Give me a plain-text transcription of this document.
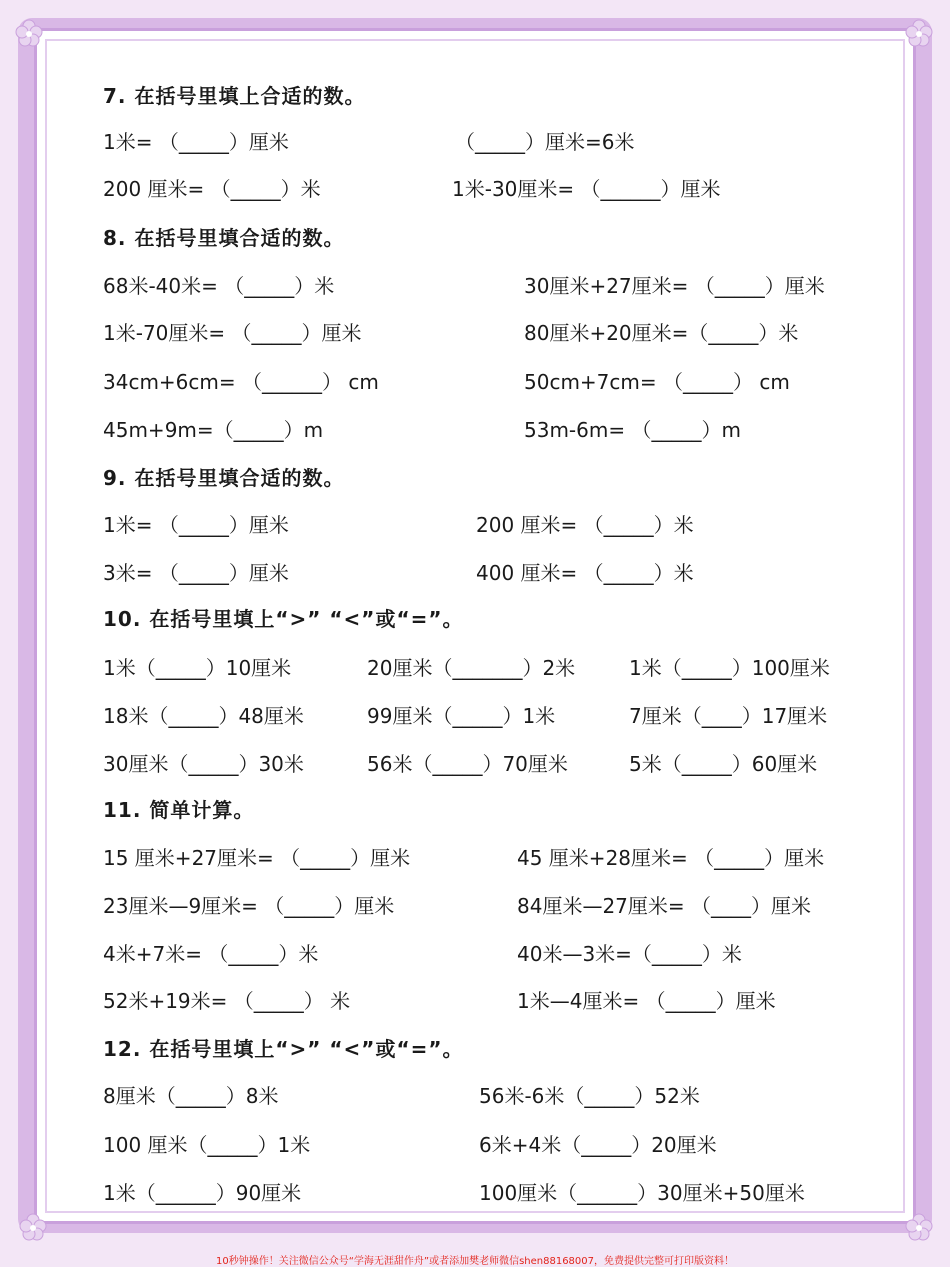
7. 在括号里填上合适的数。
1米= （_____）厘米	（_____）厘米=6米
200 厘米= （_____）米	1米-30厘米= （______）厘米
8. 在括号里填合适的数。
68米-40米= （_____）米	30厘米+27厘米= （_____）厘米
1米-70厘米= （_____）厘米	80厘米+20厘米=（_____）米
34cm+6cm= （______） cm	50cm+7cm= （_____） cm
45m+9m=（_____）m	53m-6m= （_____）m
9. 在括号里填合适的数。
1米= （_____）厘米	200 厘米= （_____）米
3米= （_____）厘米	400 厘米= （_____）米
10. 在括号里填上“>” “<”或“=”。
1米（_____）10厘米	20厘米（_______）2米	1米（_____）100厘米
18米（_____）48厘米	99厘米（_____）1米	7厘米（____）17厘米
30厘米（_____）30米	56米（_____）70厘米	5米（_____）60厘米
11. 简单计算。
15 厘米+27厘米= （_____）厘米	45 厘米+28厘米= （_____）厘米
23厘米—9厘米= （_____）厘米	84厘米—27厘米= （____）厘米
4米+7米= （_____）米	40米—3米=（_____）米
52米+19米= （_____） 米	1米—4厘米= （_____）厘米
12. 在括号里填上“>” “<”或“=”。
8厘米（_____）8米	56米-6米（_____）52米
100 厘米（_____）1米	6米+4米（_____）20厘米
1米（______）90厘米	100厘米（______）30厘米+50厘米
10秒钟操作！关注微信公众号“学海无涯甜作舟”或者添加樊老师微信shen88168007，免费提供完整可打印版资料！
